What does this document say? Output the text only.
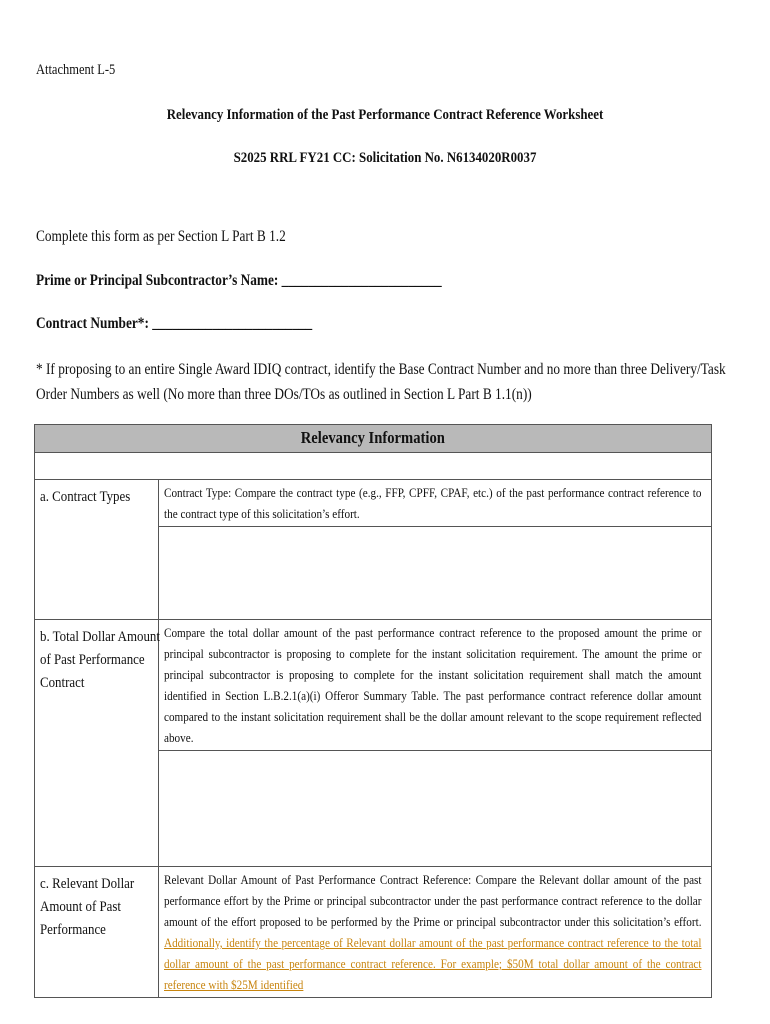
Attachment L-5
Relevancy Information of the Past Performance Contract Reference Worksheet
S2025 RRL FY21 CC: Solicitation No. N6134020R0037
Complete this form as per Section L Part B 1.2
Prime or Principal Subcontractor’s Name: ________________________
Contract Number*: ________________________
* If proposing to an entire Single Award IDIQ contract, identify the Base Contract Number and no more than three Delivery/Task Order Numbers as well (No more than three DOs/TOs as outlined in Section L Part B 1.1(n))
Relevancy Information	

a. Contract Types	Contract Type: Compare the contract type (e.g., FFP, CPFF, CPAF, etc.) of the past performance contract reference to the contract type of this solicitation’s effort.

b. Total Dollar Amount of Past Performance Contract	Compare the total dollar amount of the past performance contract reference to the proposed amount the prime or principal subcontractor is proposing to complete for the instant solicitation requirement. The amount the prime or principal subcontractor is proposing to complete for the instant solicitation requirement shall match the amount identified in Section L.B.2.1(a)(i) Offeror Summary Table. The past performance contract reference dollar amount compared to the instant solicitation requirement shall be the dollar amount relevant to the scope requirement reflected above.

c. Relevant Dollar Amount of Past Performance	Relevant Dollar Amount of Past Performance Contract Reference: Compare the Relevant dollar amount of the past performance effort by the Prime or principal subcontractor under the past performance contract reference to the dollar amount of the effort proposed to be performed by the Prime or principal subcontractor under this solicitation’s effort. Additionally, identify the percentage of Relevant dollar amount of the past performance contract reference to the total dollar amount of the past performance contract reference. For example; $50M total dollar amount of the contract reference with $25M identified
